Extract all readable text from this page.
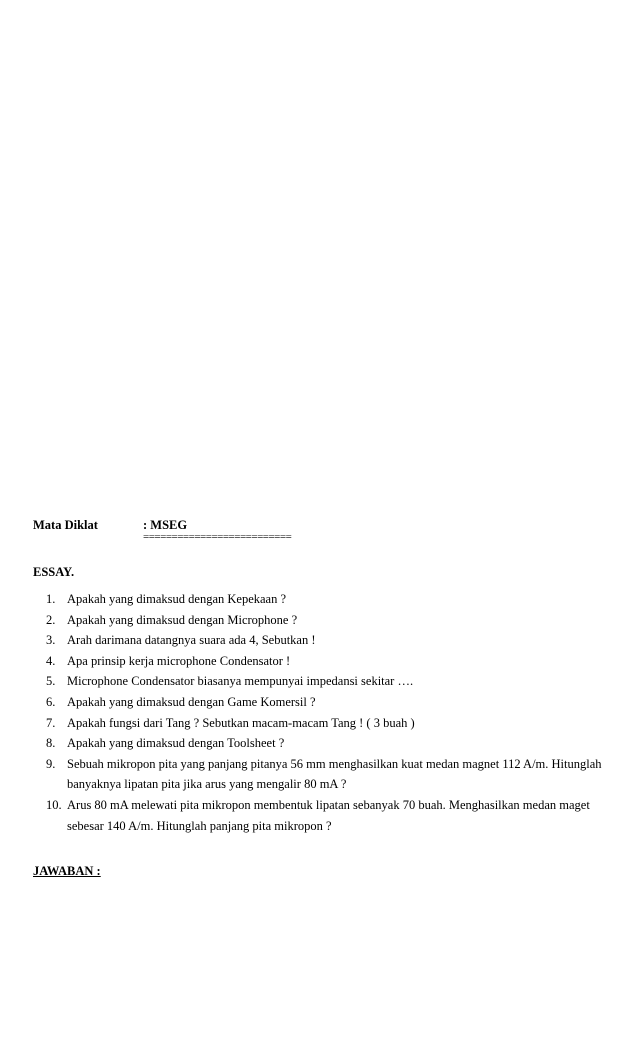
Mata Diklat	: MSEG
==========================
ESSAY.
1. Apakah yang dimaksud dengan Kepekaan ?
2. Apakah yang dimaksud dengan Microphone ?
3. Arah darimana datangnya suara ada 4, Sebutkan !
4. Apa prinsip kerja microphone Condensator !
5. Microphone Condensator biasanya mempunyai impedansi sekitar ….
6. Apakah yang dimaksud dengan Game Komersil ?
7. Apakah fungsi dari Tang ? Sebutkan macam-macam Tang ! ( 3 buah )
8. Apakah yang dimaksud dengan Toolsheet ?
9. Sebuah mikropon pita yang panjang pitanya 56 mm menghasilkan kuat medan magnet 112 A/m. Hitunglah banyaknya lipatan pita jika arus yang mengalir 80 mA ?
10. Arus 80 mA melewati pita mikropon membentuk lipatan sebanyak 70 buah. Menghasilkan medan maget sebesar 140 A/m. Hitunglah panjang pita mikropon ?
JAWABAN :
